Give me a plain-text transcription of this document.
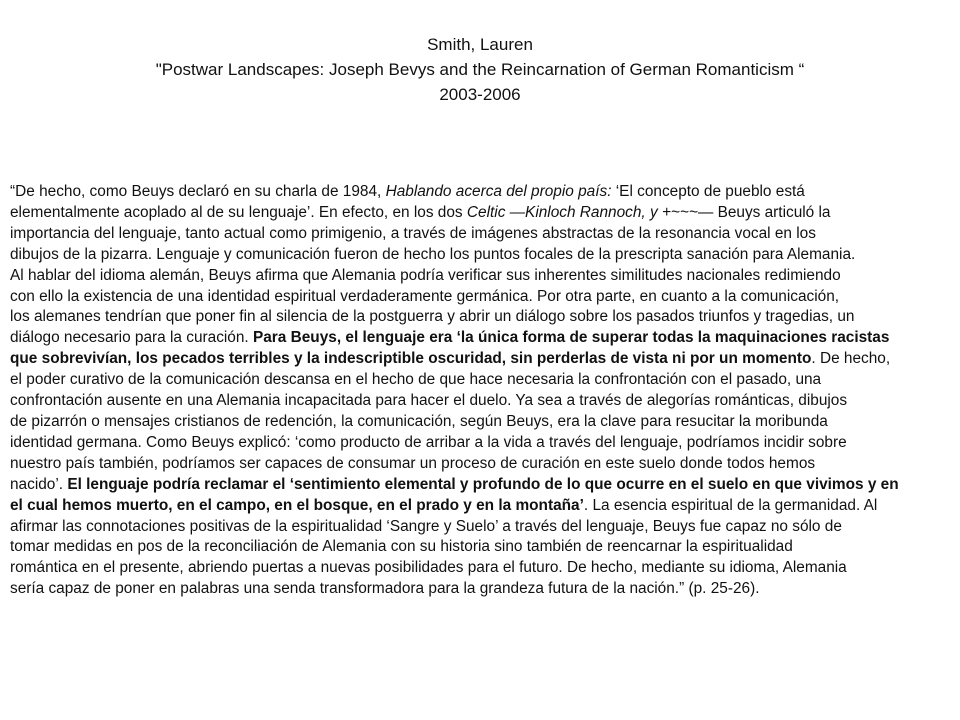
Smith, Lauren
"Postwar Landscapes: Joseph Bevys and the Reincarnation of German Romanticism “
2003-2006
“De hecho, como Beuys declaró en su charla de 1984, Hablando acerca del propio país: ‘El concepto de pueblo está
elementalmente acoplado al de su lenguaje’. En efecto, en los dos Celtic —Kinloch Rannoch, y +~~~— Beuys articuló la
importancia del lenguaje, tanto actual como primigenio, a través de imágenes abstractas de la resonancia vocal en los
dibujos de la pizarra. Lenguaje y comunicación fueron de hecho los puntos focales de la prescripta sanación para Alemania.
Al hablar del idioma alemán, Beuys afirma que Alemania podría verificar sus inherentes similitudes nacionales redimiendo
con ello la existencia de una identidad espiritual verdaderamente germánica. Por otra parte, en cuanto a la comunicación,
los alemanes tendrían que poner fin al silencia de la postguerra y abrir un diálogo sobre los pasados triunfos y tragedias, un
diálogo necesario para la curación. Para Beuys, el lenguaje era ‘la única forma de superar todas la maquinaciones racistas
que sobrevivían, los pecados terribles y la indescriptible oscuridad, sin perderlas de vista ni por un momento. De hecho,
el poder curativo de la comunicación descansa en el hecho de que hace necesaria la confrontación con el pasado, una
confrontación ausente en una Alemania incapacitada para hacer el duelo. Ya sea a través de alegorías románticas, dibujos
de pizarrón o mensajes cristianos de redención, la comunicación, según Beuys, era la clave para resucitar la moribunda
identidad germana. Como Beuys explicó: ‘como producto de arribar a la vida a través del lenguaje, podríamos incidir sobre
nuestro país también, podríamos ser capaces de consumar un proceso de curación en este suelo donde todos hemos
nacido’. El lenguaje podría reclamar el ‘sentimiento elemental y profundo de lo que ocurre en el suelo en que vivimos y en
el cual hemos muerto, en el campo, en el bosque, en el prado y en la montaña’. La esencia espiritual de la germanidad. Al
afirmar las connotaciones positivas de la espiritualidad ‘Sangre y Suelo’ a través del lenguaje, Beuys fue capaz no sólo de
tomar medidas en pos de la reconciliación de Alemania con su historia sino también de reencarnar la espiritualidad
romántica en el presente, abriendo puertas a nuevas posibilidades para el futuro. De hecho, mediante su idioma, Alemania
sería capaz de poner en palabras una senda transformadora para la grandeza futura de la nación.” (p. 25-26).
